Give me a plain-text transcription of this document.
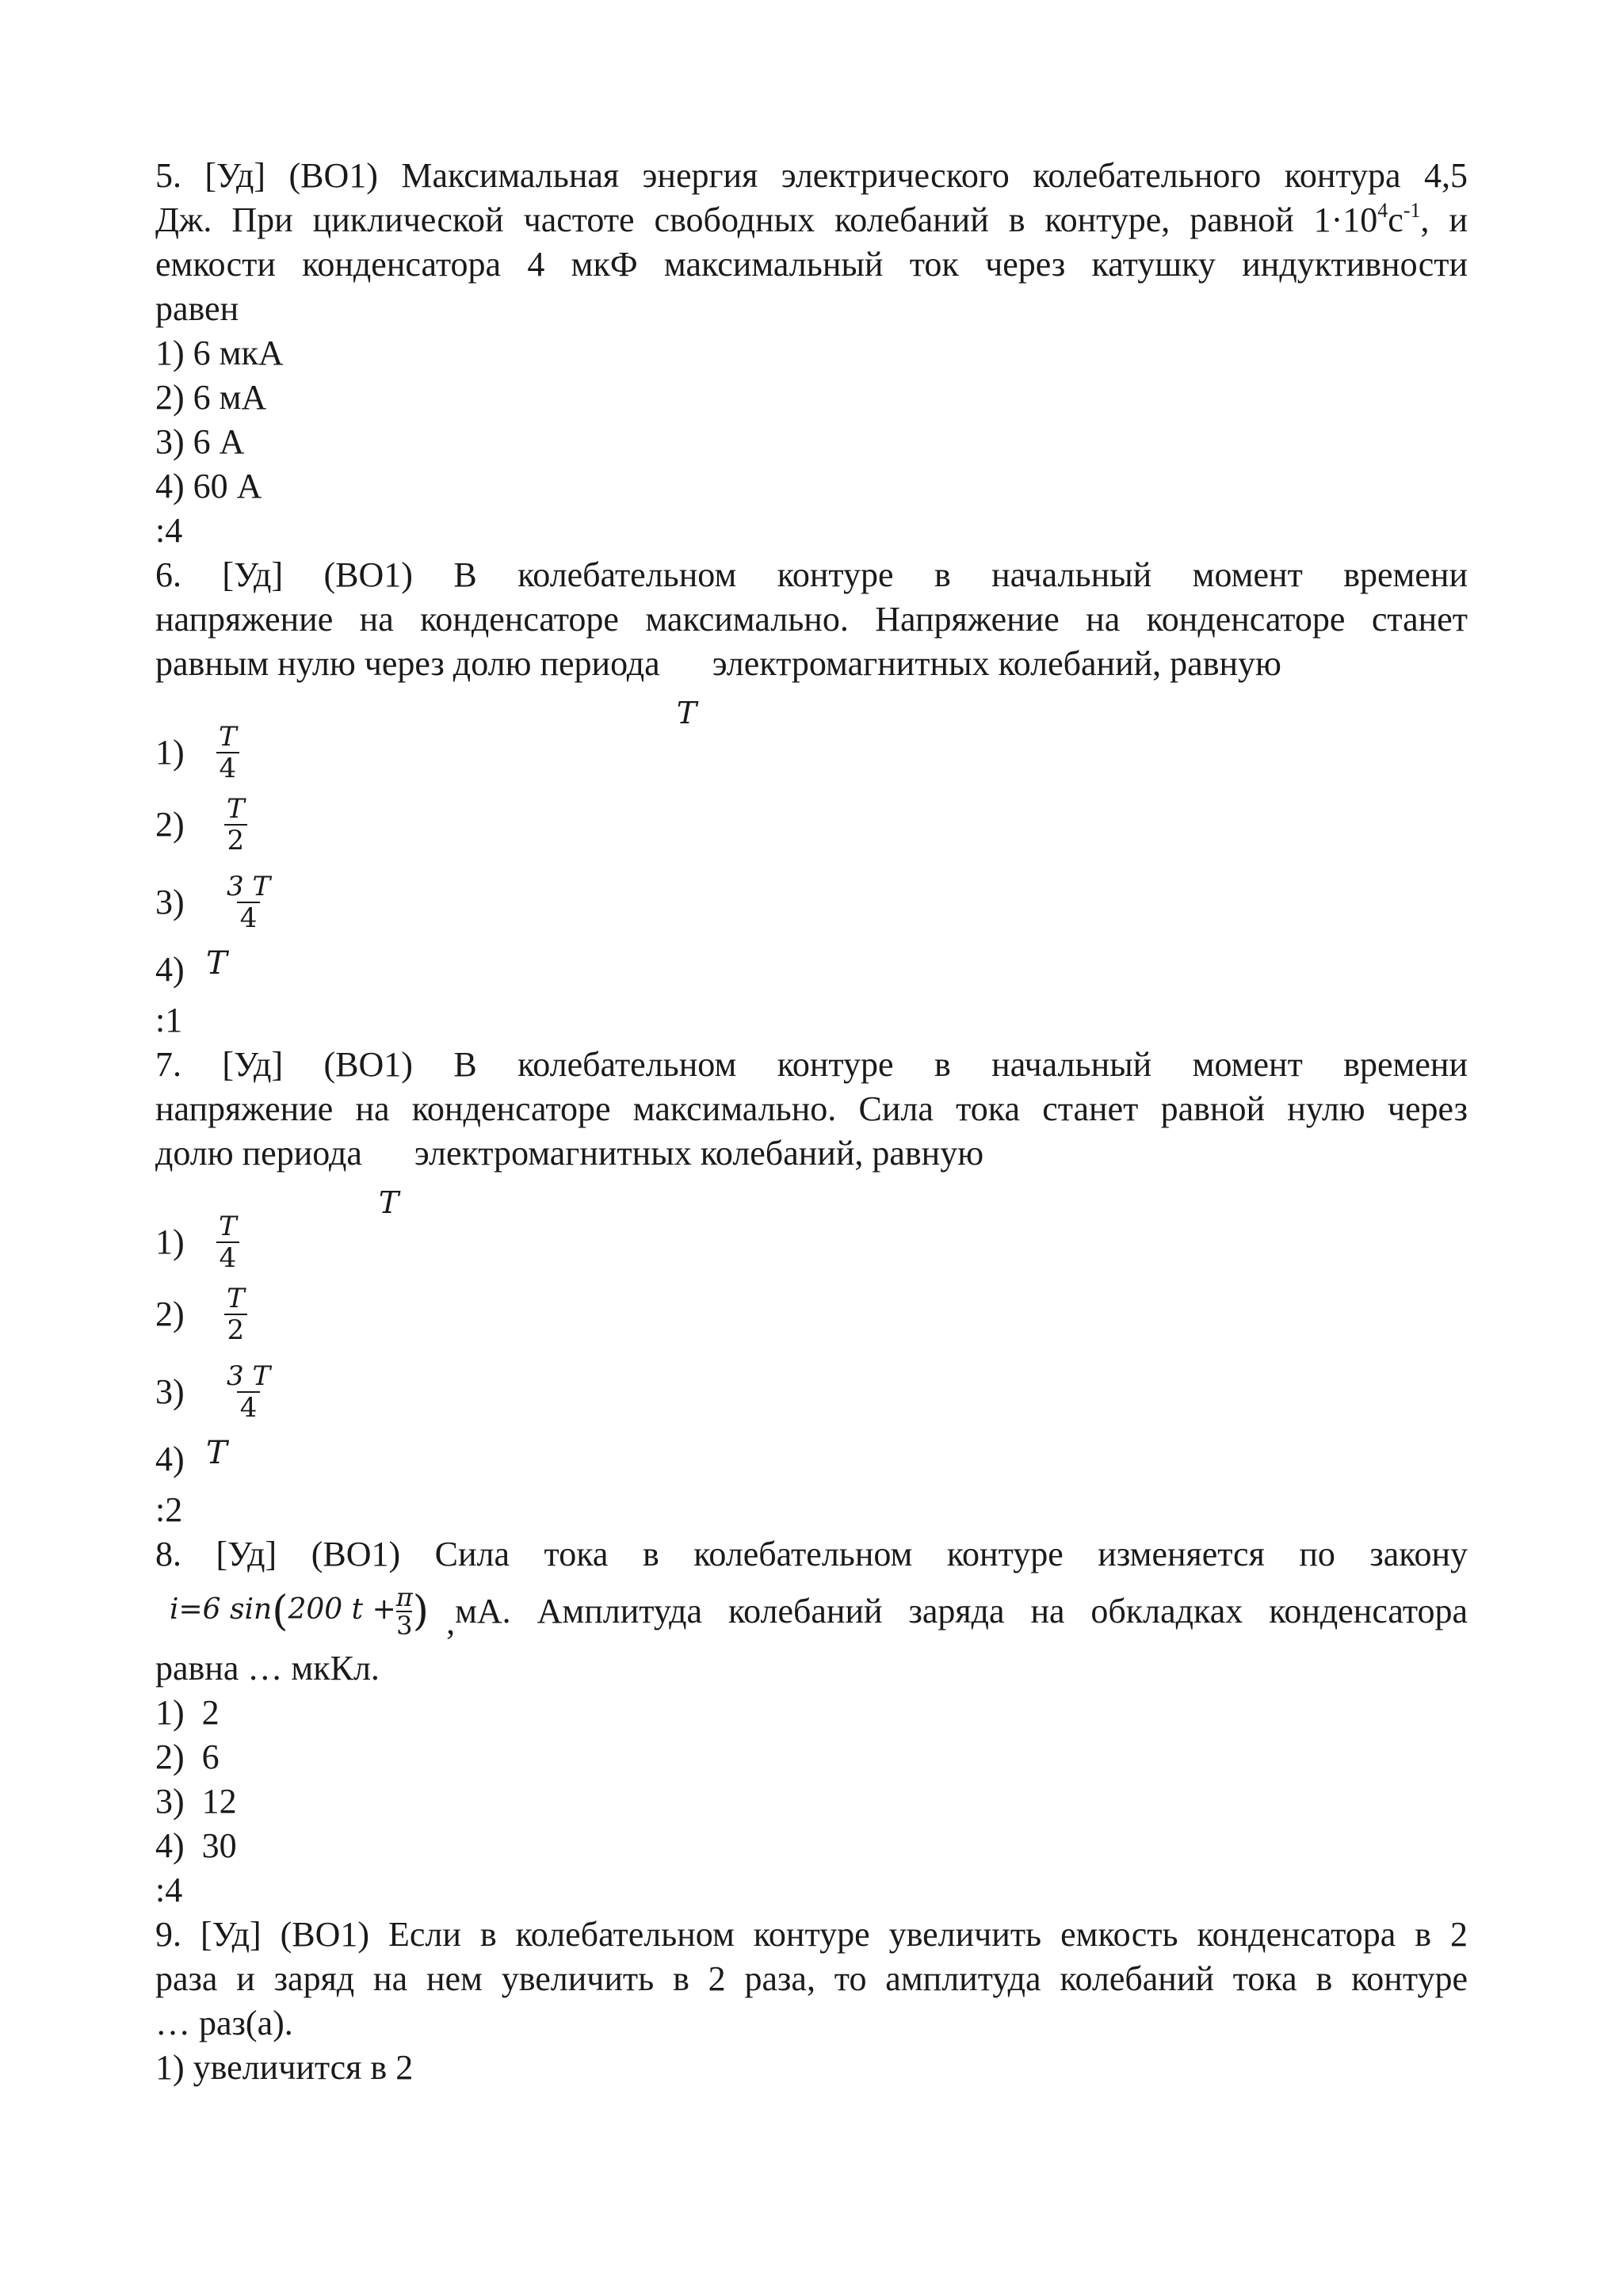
5. [Уд] (ВО1) Максимальная энергия электрического колебательного контура 4,5
Дж. При циклической частоте свободных колебаний в контуре, равной $1\cdot 10^4с^{-1}$, и
емкости конденсатора 4 мкФ максимальный ток через катушку индуктивности
равен
1) 6 мкА
2) 6 мА
3) 6 А
4) 60 А
:4
6. [Уд] (ВО1) В колебательном контуре в начальный момент времени
напряжение на конденсаторе максимально. Напряжение на конденсаторе станет
равным нулю через долю периода
T
электромагнитных колебаний, равную
1)	$\frac{T}{4}$
2)	$\frac{T}{2}$
3)	$\frac{3 T}{4}$
4) T
:1
7. [Уд] (ВО1) В колебательном контуре в начальный момент времени
напряжение на конденсаторе максимально. Сила тока станет равной нулю через
долю периода
T
электромагнитных колебаний, равную
1)	$\frac{T}{4}$
2)	$\frac{T}{2}$
3)	$\frac{3 T}{4}$
4) T
:2
8. [Уд] (ВО1) Сила тока в колебательном контуре изменяется по закону
i=6 sin(200 $t + \frac{\pi}{3}$ ) ,мА. Амплитуда колебаний заряда на обкладках конденсатора
равна … мкКл.
1)  2
2)  6
3)  12
4)  30
:4
9. [Уд] (ВО1) Если в колебательном контуре увеличить емкость конденсатора в 2
раза и заряд на нем увеличить в 2 раза, то амплитуда колебаний тока в контуре
… раз(а).
1) увеличится в 2
